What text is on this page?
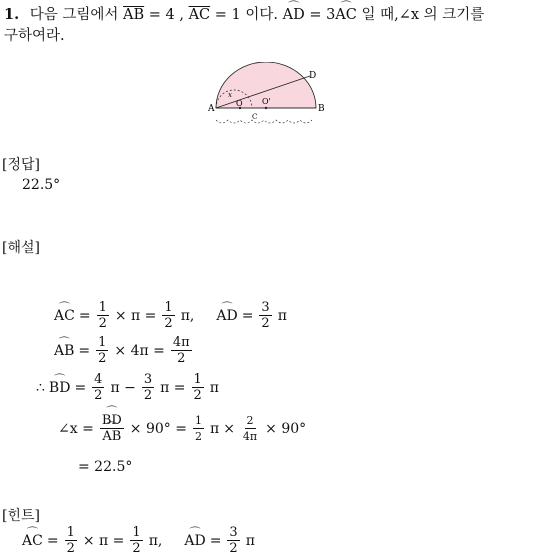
1. 다음 그림에서 $\overline{AB} = 4$ , $\overline{AC} = 1$ 이다. ⌒ AD = 3⌒ AC 일 때,∠x 의 크기를
구하여라.
A	B
D
O O'
x
C
[정답]
22.5°
[해설]
⌒ AC = $\frac{1}{2} \times \pi = \frac{1}{2} \pi$, ⌒ AD = $\frac{3}{2}$ π
⌒ AB = $\frac{1}{2} \times 4\pi = \frac{4\pi}{2}$
∴ ⌒ BD = $\frac{4}{2}$ $\pi - \frac{3}{2}$ $\pi = \frac{1}{2}$ π
∠x = ⌒ BD
⌒ AB × $90^\circ = \frac{1}{2}$ $\pi \times \frac{2}{4\pi} \times 90^\circ$
= 22.5°
[힌트]
⌒ AC = $\frac{1}{2} \times \pi = \frac{1}{2} \pi$, ⌒ AD = $\frac{3}{2}$ π
